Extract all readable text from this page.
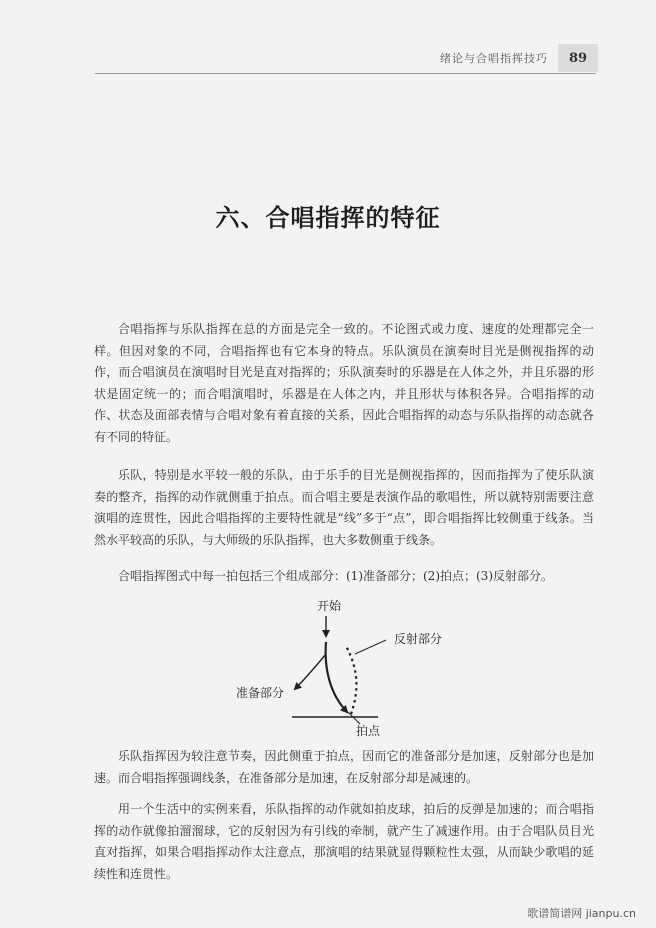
绪论与合唱指挥技巧	89
六、合唱指挥的特征

合唱指挥与乐队指挥在总的方面是完全一致的。不论图式或力度、速度的处理都完全一样。但因对象的不同，合唱指挥也有它本身的特点。乐队演员在演奏时目光是侧视指挥的动作，而合唱演员在演唱时目光是直对指挥的；乐队演奏时的乐器是在人体之外，并且乐器的形状是固定统一的；而合唱演唱时，乐器是在人体之内，并且形状与体积各异。合唱指挥的动作、状态及面部表情与合唱对象有着直接的关系，因此合唱指挥的动态与乐队指挥的动态就各有不同的特征。

乐队，特别是水平较一般的乐队，由于乐手的目光是侧视指挥的，因而指挥为了使乐队演奏的整齐，指挥的动作就侧重于拍点。而合唱主要是表演作品的歌唱性，所以就特别需要注意演唱的连贯性，因此合唱指挥的主要特性就是“线”多于“点”，即合唱指挥比较侧重于线条。当然水平较高的乐队，与大师级的乐队指挥，也大多数侧重于线条。

合唱指挥图式中每一拍包括三个组成部分：(1)准备部分；(2)拍点；(3)反射部分。

开始
反射部分
准备部分
拍点

乐队指挥因为较注意节奏，因此侧重于拍点，因而它的准备部分是加速，反射部分也是加速。而合唱指挥强调线条，在准备部分是加速，在反射部分却是减速的。

用一个生活中的实例来看，乐队指挥的动作就如拍皮球，拍后的反弹是加速的；而合唱指挥的动作就像拍溜溜球，它的反射因为有引线的牵制，就产生了减速作用。由于合唱队员目光直对指挥，如果合唱指挥动作太注意点，那演唱的结果就显得颗粒性太强，从而缺少歌唱的延续性和连贯性。

歌谱简谱网 jianpu.cn
